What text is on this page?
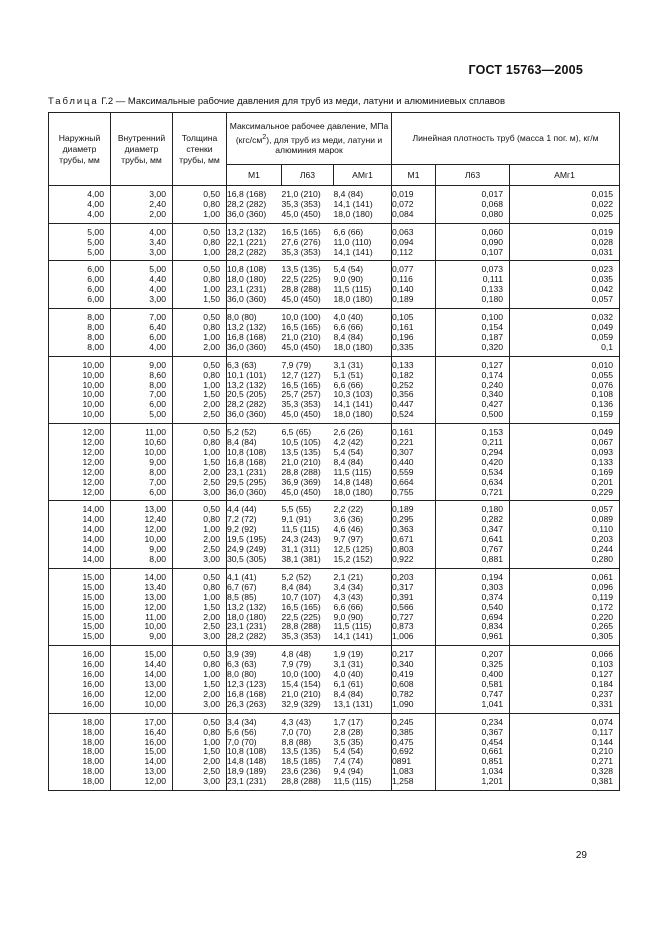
ГОСТ 15763—2005
Таблица Г.2 — Максимальные рабочие давления для труб из меди, латуни и алюминиевых сплавов
Наружный диаметр трубы, мм	Внутренний диаметр трубы, мм	Толщина стенки трубы, мм	Максимальное рабочее давление, МПа $(кгс/см^2)$, для труб из меди, латуни и алюминия марок			Линейная плотность труб (масса 1 пог. м), кг/м		
			М1	Л63	АМг1	М1	Л63	АМг1
4,00	3,00	0,50	16,8 (168)	21,0 (210)	8,4 (84)	0,019	0,017	0,015
4,00	2,40	0,80	28,2 (282)	35,3 (353)	14,1 (141)	0,072	0,068	0,022
4,00	2,00	1,00	36,0 (360)	45,0 (450)	18,0 (180)	0,084	0,080	0,025
5,00	4,00	0,50	13,2 (132)	16,5 (165)	6,6 (66)	0,063	0,060	0,019
5,00	3,40	0,80	22,1 (221)	27,6 (276)	11,0 (110)	0,094	0,090	0,028
5,00	3,00	1,00	28,2 (282)	35,3 (353)	14,1 (141)	0,112	0,107	0,031
6,00	5,00	0,50	10,8 (108)	13,5 (135)	5,4 (54)	0,077	0,073	0,023
6,00	4,40	0,80	18,0 (180)	22,5 (225)	9,0 (90)	0,116	0,111	0,035
6,00	4,00	1,00	23,1 (231)	28,8 (288)	11,5 (115)	0,140	0,133	0,042
6,00	3,00	1,50	36,0 (360)	45,0 (450)	18,0 (180)	0,189	0,180	0,057
8,00	7,00	0,50	8,0 (80)	10,0 (100)	4,0 (40)	0,105	0,100	0,032
8,00	6,40	0,80	13,2 (132)	16,5 (165)	6,6 (66)	0,161	0,154	0,049
8,00	6,00	1,00	16,8 (168)	21,0 (210)	8,4 (84)	0,196	0,187	0,059
8,00	4,00	2,00	36,0 (360)	45,0 (450)	18,0 (180)	0,335	0,320	0,1
10,00	9,00	0,50	6,3 (63)	7,9 (79)	3,1 (31)	0,133	0,127	0,010
10,00	8,60	0,80	10,1 (101)	12,7 (127)	5,1 (51)	0,182	0,174	0,055
10,00	8,00	1,00	13,2 (132)	16,5 (165)	6,6 (66)	0,252	0,240	0,076
10,00	7,00	1,50	20,5 (205)	25,7 (257)	10,3 (103)	0,356	0,340	0,108
10,00	6,00	2,00	28,2 (282)	35,3 (353)	14,1 (141)	0,447	0,427	0,136
10,00	5,00	2,50	36,0 (360)	45,0 (450)	18,0 (180)	0,524	0,500	0,159
12,00	11,00	0,50	5,2 (52)	6,5 (65)	2,6 (26)	0,161	0,153	0,049
12,00	10,60	0,80	8,4 (84)	10,5 (105)	4,2 (42)	0,221	0,211	0,067
12,00	10,00	1,00	10,8 (108)	13,5 (135)	5,4 (54)	0,307	0,294	0,093
12,00	9,00	1,50	16,8 (168)	21,0 (210)	8,4 (84)	0,440	0,420	0,133
12,00	8,00	2,00	23,1 (231)	28,8 (288)	11,5 (115)	0,559	0,534	0,169
12,00	7,00	2,50	29,5 (295)	36,9 (369)	14,8 (148)	0,664	0,634	0,201
12,00	6,00	3,00	36,0 (360)	45,0 (450)	18,0 (180)	0,755	0,721	0,229
14,00	13,00	0,50	4,4 (44)	5,5 (55)	2,2 (22)	0,189	0,180	0,057
14,00	12,40	0,80	7,2 (72)	9,1 (91)	3,6 (36)	0,295	0,282	0,089
14,00	12,00	1,00	9,2 (92)	11,5 (115)	4,6 (46)	0,363	0,347	0,110
14,00	10,00	2,00	19,5 (195)	24,3 (243)	9,7 (97)	0,671	0,641	0,203
14,00	9,00	2,50	24,9 (249)	31,1 (311)	12,5 (125)	0,803	0,767	0,244
14,00	8,00	3,00	30,5 (305)	38,1 (381)	15,2 (152)	0,922	0,881	0,280
15,00	14,00	0,50	4,1 (41)	5,2 (52)	2,1 (21)	0,203	0,194	0,061
15,00	13,40	0,80	6,7 (67)	8,4 (84)	3,4 (34)	0,317	0,303	0,096
15,00	13,00	1,00	8,5 (85)	10,7 (107)	4,3 (43)	0,391	0,374	0,119
15,00	12,00	1,50	13,2 (132)	16,5 (165)	6,6 (66)	0,566	0,540	0,172
15,00	11,00	2,00	18,0 (180)	22,5 (225)	9,0 (90)	0,727	0,694	0,220
15,00	10,00	2,50	23,1 (231)	28,8 (288)	11,5 (115)	0,873	0,834	0,265
15,00	9,00	3,00	28,2 (282)	35,3 (353)	14,1 (141)	1,006	0,961	0,305
16,00	15,00	0,50	3,9 (39)	4,8 (48)	1,9 (19)	0,217	0,207	0,066
16,00	14,40	0,80	6,3 (63)	7,9 (79)	3,1 (31)	0,340	0,325	0,103
16,00	14,00	1,00	8,0 (80)	10,0 (100)	4,0 (40)	0,419	0,400	0,127
16,00	13,00	1,50	12,3 (123)	15,4 (154)	6,1 (61)	0,608	0,581	0,184
16,00	12,00	2,00	16,8 (168)	21,0 (210)	8,4 (84)	0,782	0,747	0,237
16,00	10,00	3,00	26,3 (263)	32,9 (329)	13,1 (131)	1,090	1,041	0,331
18,00	17,00	0,50	3,4 (34)	4,3 (43)	1,7 (17)	0,245	0,234	0,074
18,00	16,40	0,80	5,6 (56)	7,0 (70)	2,8 (28)	0,385	0,367	0,117
18,00	16,00	1,00	7,0 (70)	8,8 (88)	3,5 (35)	0,475	0,454	0,144
18,00	15,00	1,50	10,8 (108)	13,5 (135)	5,4 (54)	0,692	0,661	0,210
18,00	14,00	2,00	14,8 (148)	18,5 (185)	7,4 (74)	0891	0,851	0,271
18,00	13,00	2,50	18,9 (189)	23,6 (236)	9,4 (94)	1,083	1,034	0,328
18,00	12,00	3,00	23,1 (231)	28,8 (288)	11,5 (115)	1,258	1,201	0,381
29
